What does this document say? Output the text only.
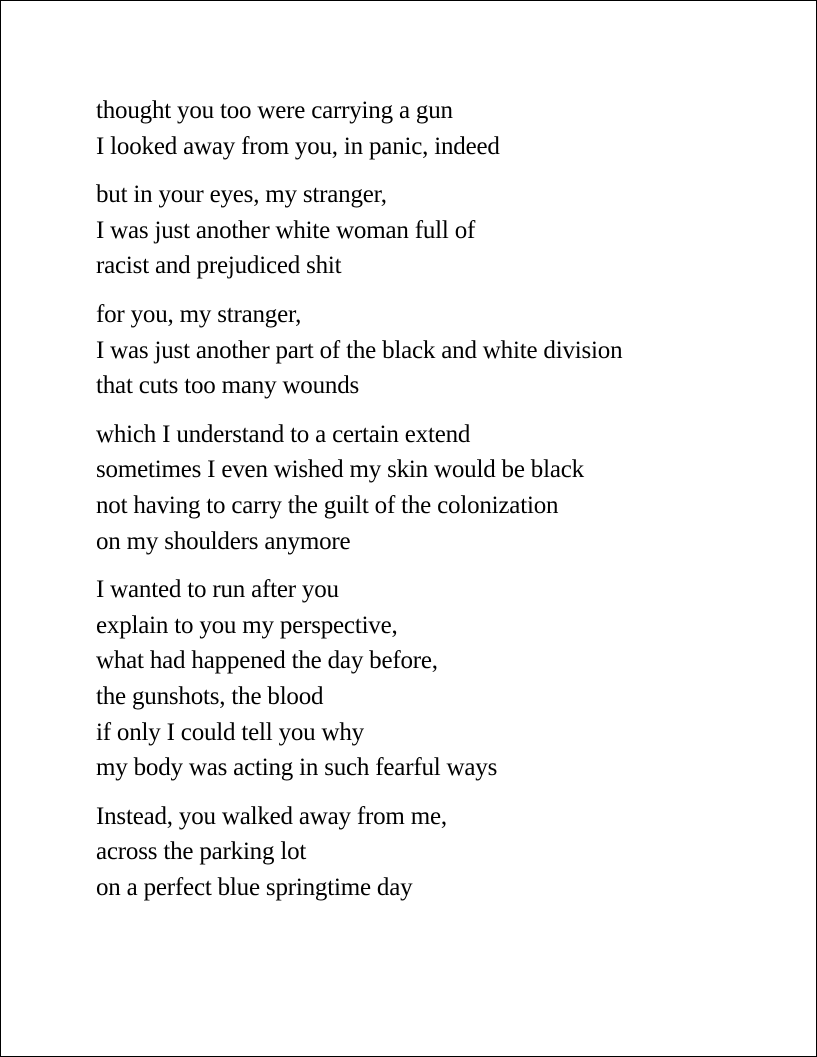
thought you too were carrying a gun
I looked away from you, in panic, indeed
but in your eyes, my stranger,
I was just another white woman full of
racist and prejudiced shit
for you, my stranger,
I was just another part of the black and white division
that cuts too many wounds
which I understand to a certain extend
sometimes I even wished my skin would be black
not having to carry the guilt of the colonization
on my shoulders anymore
I wanted to run after you
explain to you my perspective,
what had happened the day before,
the gunshots, the blood
if only I could tell you why
my body was acting in such fearful ways
Instead, you walked away from me,
across the parking lot
on a perfect blue springtime day
